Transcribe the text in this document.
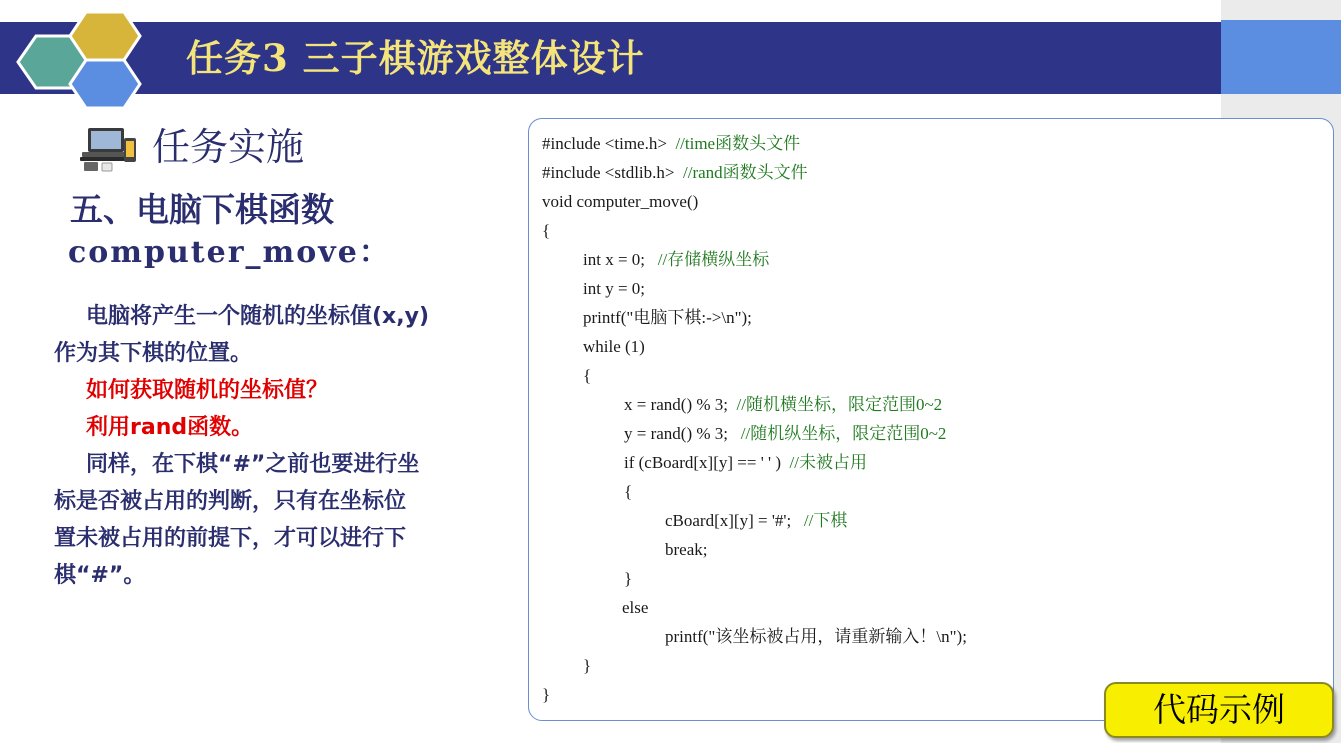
任务3 三子棋游戏整体设计
任务实施
五、电脑下棋函数
computer_move：
电脑将产生一个随机的坐标值(x,y)
作为其下棋的位置。
如何获取随机的坐标值？
利用rand函数。
同样，在下棋“#”之前也要进行坐
标是否被占用的判断，只有在坐标位
置未被占用的前提下，才可以进行下
棋“#”。
#include <time.h>  //time函数头文件
#include <stdlib.h>  //rand函数头文件
void computer_move()
{
int x = 0;   //存储横纵坐标
int y = 0;
printf("电脑下棋:->\n");
while (1)
{
x = rand() % 3;  //随机横坐标，限定范围0~2
y = rand() % 3;   //随机纵坐标，限定范围0~2
if (cBoard[x][y] == ' ' )  //未被占用
{
cBoard[x][y] = '#';   //下棋
break;
}
else
printf("该坐标被占用，请重新输入！\n");
}
}	代码示例
